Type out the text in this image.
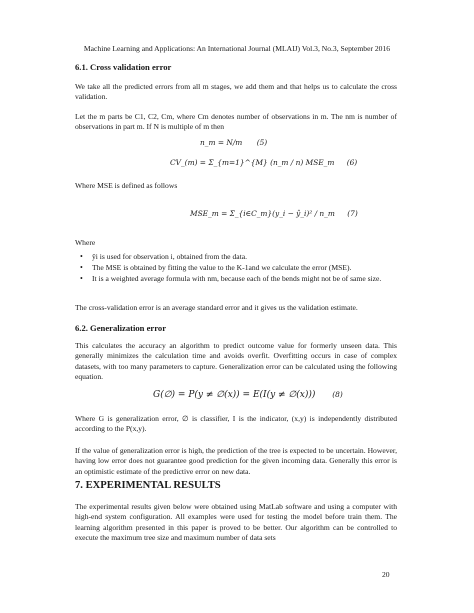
Machine Learning and Applications: An International Journal (MLAIJ) Vol.3, No.3, September 2016
6.1. Cross validation error
We take all the predicted errors from all m stages, we add them and that helps us to calculate the cross validation.
Let the m parts be C1, C2, Cm, where Cm denotes number of observations in m. The nm is number of observations in part m. If N is multiple of m then
n_m = N/m (5)
CV_(m) = Σ_{m=1}^{M} (n_m / n) MSE_m (6)
Where MSE is defined as follows
MSE_m = Σ_{i∈C_m}(y_i − ŷ_i)² / n_m (7)
Where
• ŷi is used for observation i, obtained from the data.
• The MSE is obtained by fitting the value to the K-1and we calculate the error (MSE).
• It is a weighted average formula with nm, because each of the bends might not be of same size.
The cross-validation error is an average standard error and it gives us the validation estimate.
6.2. Generalization error
This calculates the accuracy an algorithm to predict outcome value for formerly unseen data. This generally minimizes the calculation time and avoids overfit. Overfitting occurs in case of complex datasets, with too many parameters to capture. Generalization error can be calculated using the following equation.
G(∅) = P(y ≠ ∅(x)) = E(I(y ≠ ∅(x))) (8)
Where G is generalization error, ∅ is classifier, I is the indicator, (x,y) is independently distributed according to the P(x,y).
If the value of generalization error is high, the prediction of the tree is expected to be uncertain. However, having low error does not guarantee good prediction for the given incoming data. Generally this error is an optimistic estimate of the predictive error on new data.
7. EXPERIMENTAL RESULTS
The experimental results given below were obtained using MatLab software and using a computer with high-end system configuration. All examples were used for testing the model before train them. The learning algorithm presented in this paper is proved to be better. Our algorithm can be controlled to execute the maximum tree size and maximum number of data sets
20
